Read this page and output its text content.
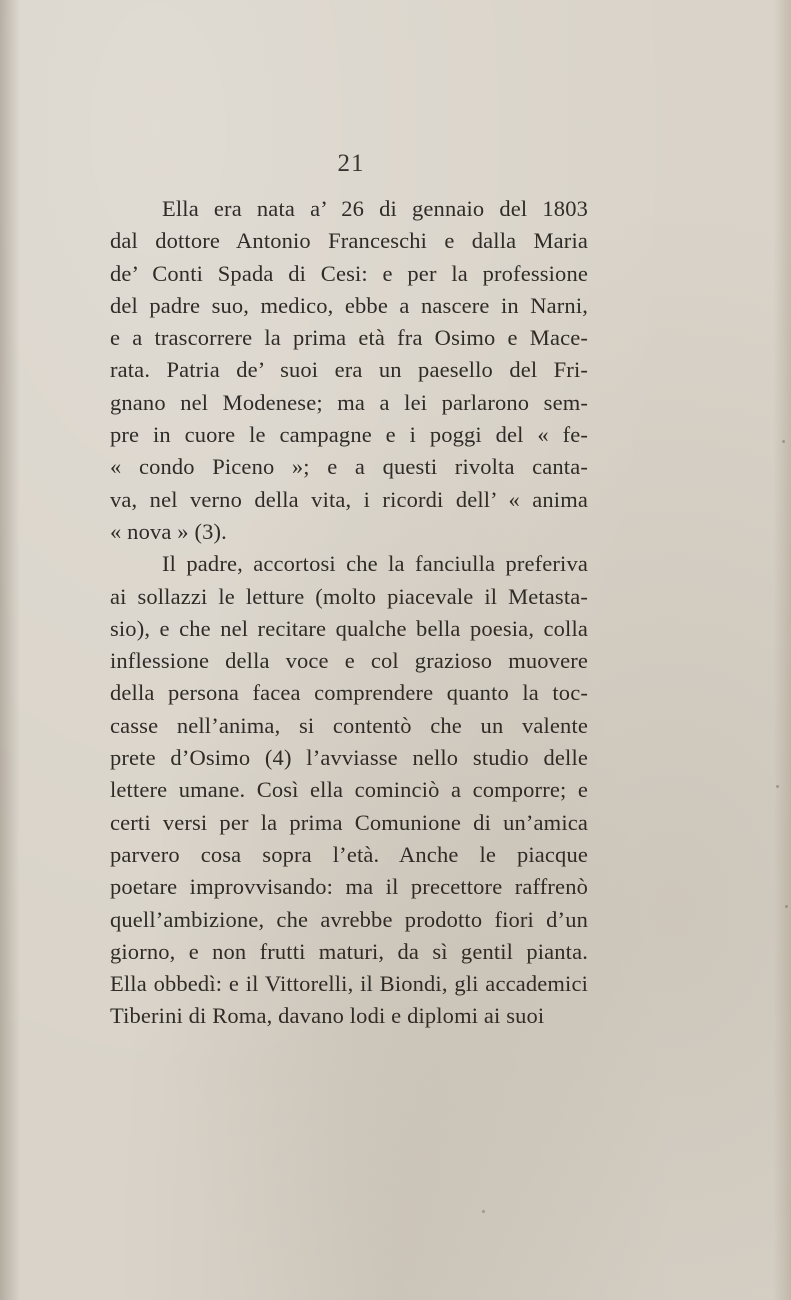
21
Ella era nata a’ 26 di gennaio del 1803
dal dottore Antonio Franceschi e dalla Maria
de’ Conti Spada di Cesi: e per la professione
del padre suo, medico, ebbe a nascere in Narni,
e a trascorrere la prima età fra Osimo e Mace-
rata. Patria de’ suoi era un paesello del Fri-
gnano nel Modenese; ma a lei parlarono sem-
pre in cuore le campagne e i poggi del « fe-
« condo Piceno »; e a questi rivolta canta-
va, nel verno della vita, i ricordi dell’ « anima
« nova » (3).
Il padre, accortosi che la fanciulla preferiva
ai sollazzi le letture (molto piacevale il Metasta-
sio), e che nel recitare qualche bella poesia, colla
inflessione della voce e col grazioso muovere
della persona facea comprendere quanto la toc-
casse nell’anima, si contentò che un valente
prete d’Osimo (4) l’avviasse nello studio delle
lettere umane. Così ella cominciò a comporre; e
certi versi per la prima Comunione di un’amica
parvero cosa sopra l’età. Anche le piacque
poetare improvvisando: ma il precettore raffrenò
quell’ambizione, che avrebbe prodotto fiori d’un
giorno, e non frutti maturi, da sì gentil pianta.
Ella obbedì: e il Vittorelli, il Biondi, gli accademici
Tiberini di Roma, davano lodi e diplomi ai suoi
